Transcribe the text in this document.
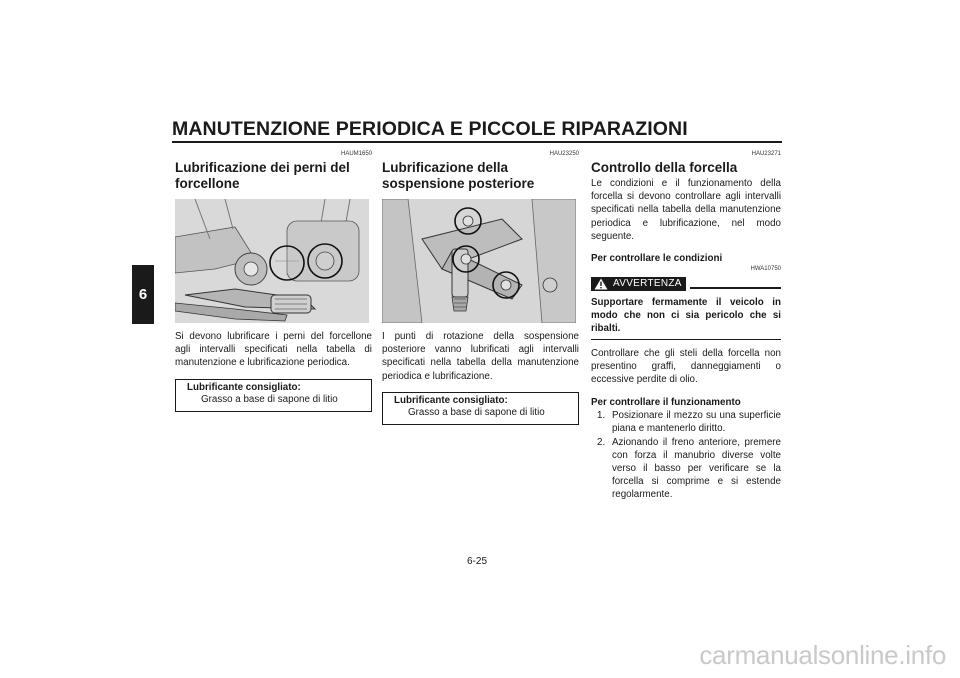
MANUTENZIONE PERIODICA E PICCOLE RIPARAZIONI
6
HAUM1650
Lubrificazione dei perni del forcellone
Si devono lubrificare i perni del forcellone agli intervalli specificati nella tabella di manutenzione e lubrificazione periodica.
Lubrificante consigliato:
Grasso a base di sapone di litio
HAU23250
Lubrificazione della sospensione posteriore
I punti di rotazione della sospensione posteriore vanno lubrificati agli intervalli specificati nella tabella della manutenzione periodica e lubrificazione.
Lubrificante consigliato:
Grasso a base di sapone di litio
HAU23271
Controllo della forcella
Le condizioni e il funzionamento della forcella si devono controllare agli intervalli specificati nella tabella della manutenzione periodica e lubrificazione, nel modo seguente.
Per controllare le condizioni
HWA10750
AVVERTENZA
Supportare fermamente il veicolo in modo che non ci sia pericolo che si ribalti.
Controllare che gli steli della forcella non presentino graffi, danneggiamenti o eccessive perdite di olio.
Per controllare il funzionamento
1. Posizionare il mezzo su una superficie piana e mantenerlo diritto.
2. Azionando il freno anteriore, premere con forza il manubrio diverse volte verso il basso per verificare se la forcella si comprime e si estende regolarmente.
6-25
carmanualsonline.info
